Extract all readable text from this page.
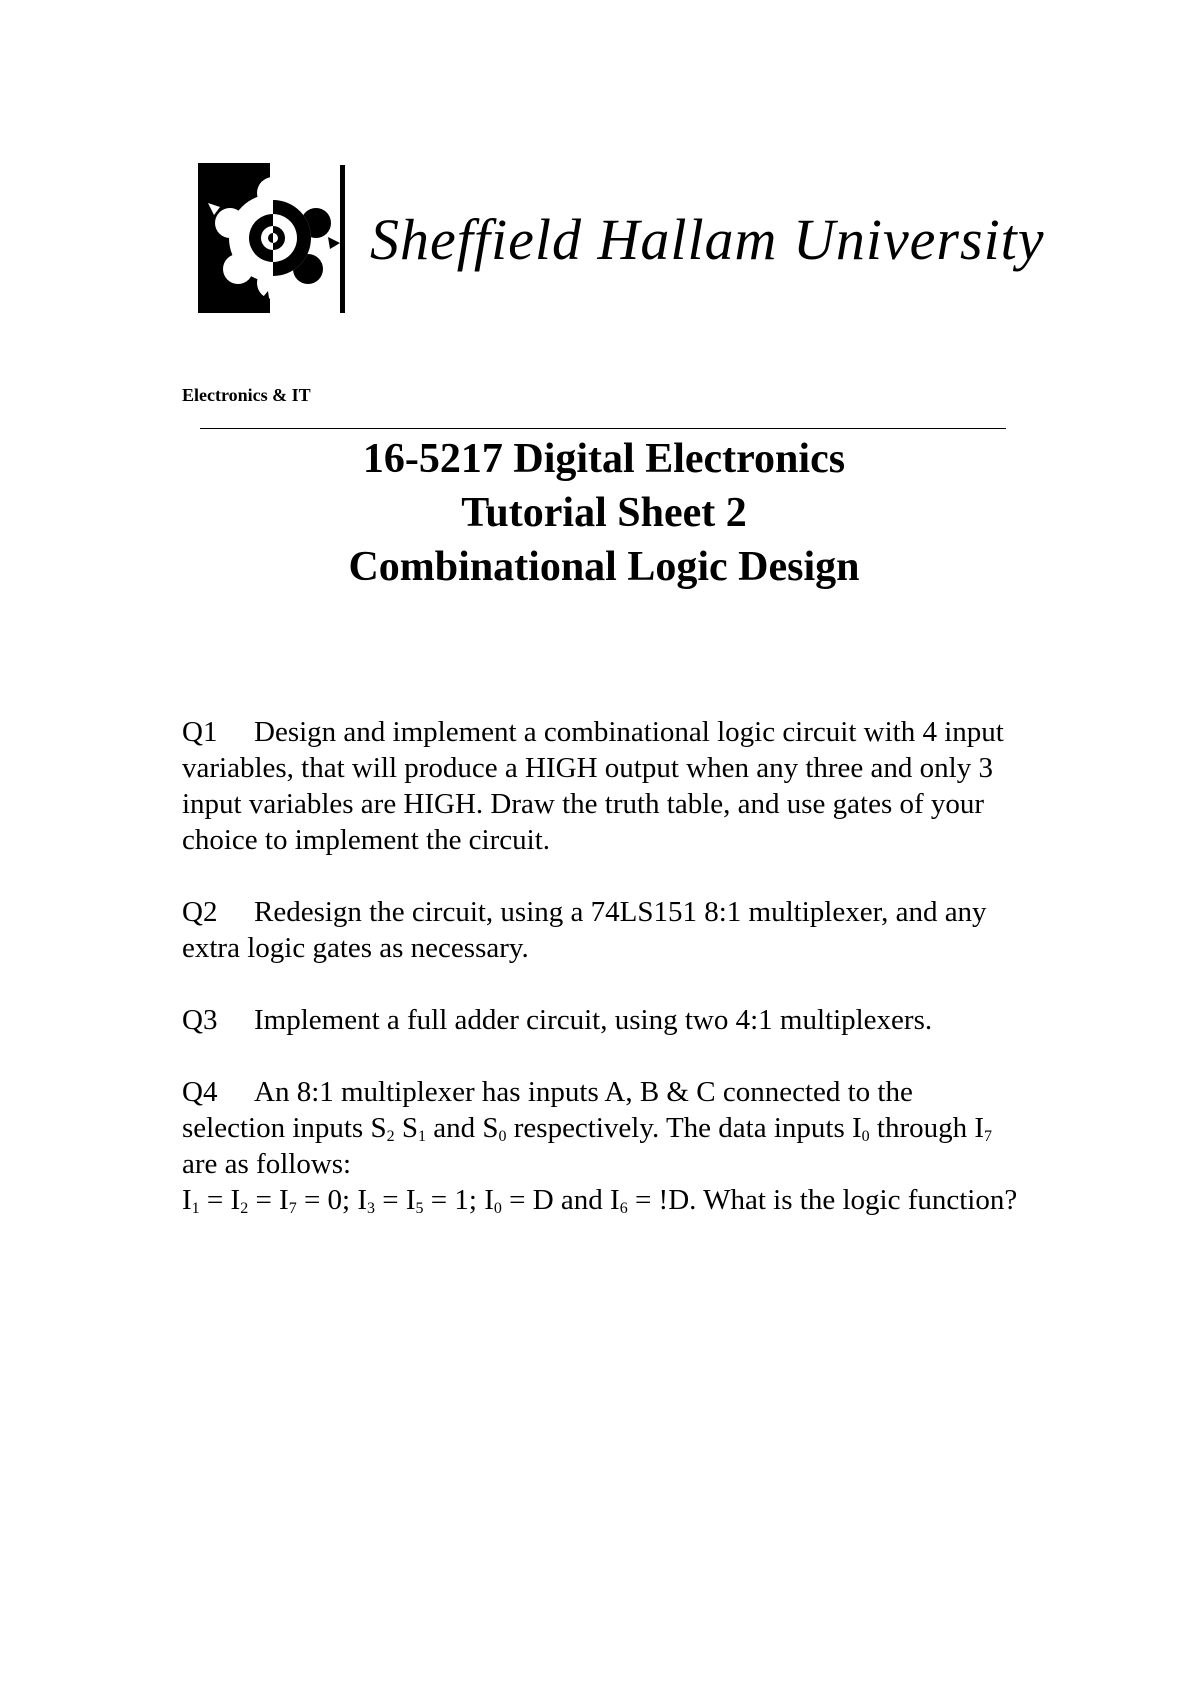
Sheffield Hallam University
Electronics & IT
16-5217 Digital Electronics
Tutorial Sheet 2
Combinational Logic Design
Q1 Design and implement a combinational logic circuit with 4 input variables, that will produce a HIGH output when any three and only 3 input variables are HIGH. Draw the truth table, and use gates of your choice to implement the circuit.
Q2 Redesign the circuit, using a 74LS151 8:1 multiplexer, and any extra logic gates as necessary.
Q3 Implement a full adder circuit, using two 4:1 multiplexers.
Q4 An 8:1 multiplexer has inputs A, B & C connected to the selection inputs $S_2$ $S_1$ and $S_0$ respectively. The data inputs $I_0$ through $I_7$ are as follows:
$I_1 = I_2 = I_7 = 0$; $I_3 = I_5 = 1$; $I_0 = D$ and $I_6 = !D$. What is the logic function?
